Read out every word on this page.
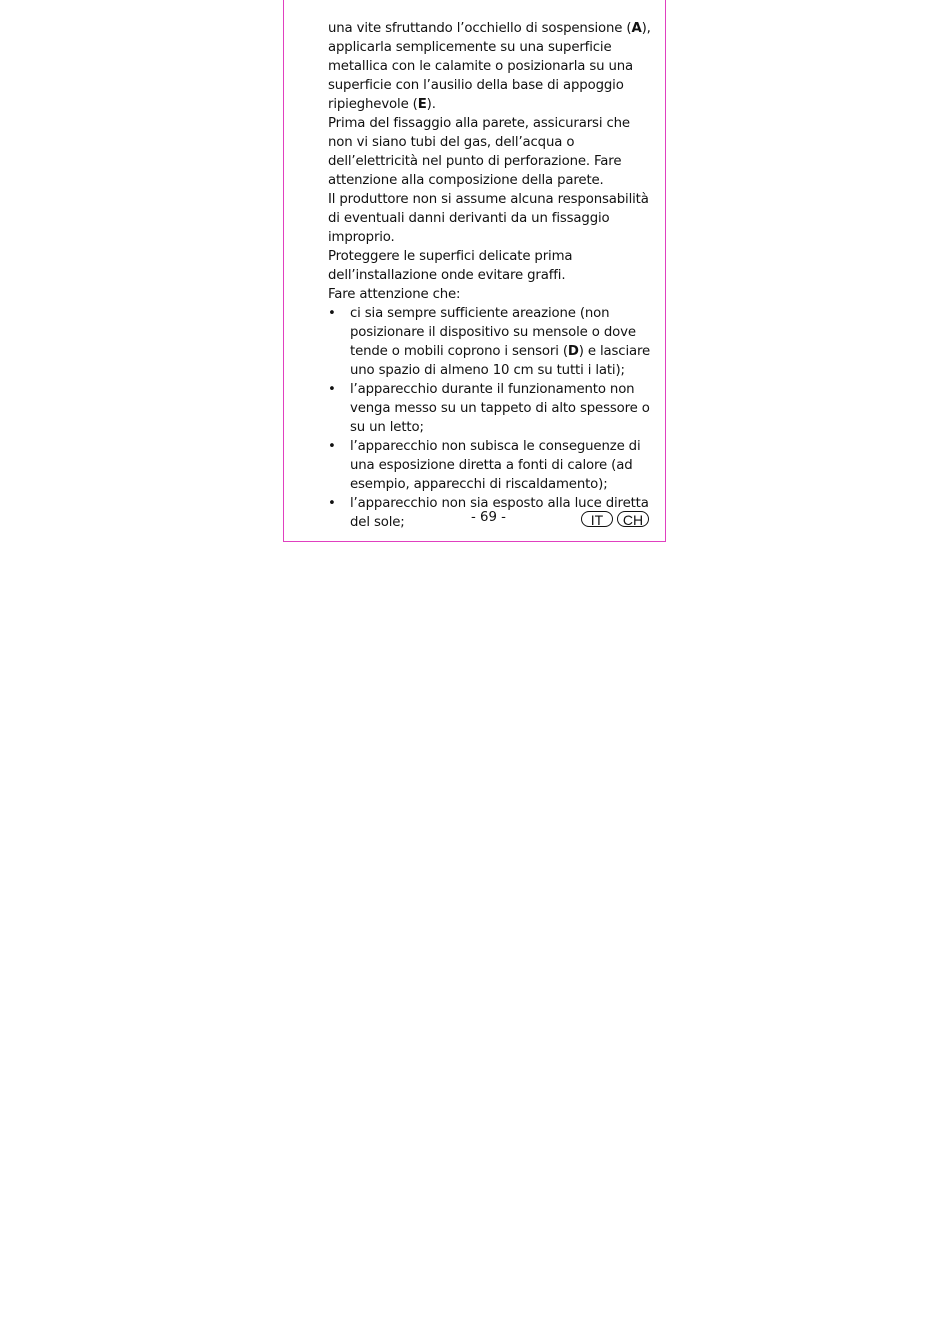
una vite sfruttando l’occhiello di sospensione (A), applicarla semplicemente su una superficie metallica con le calamite o posizionarla su una superficie con l’ausilio della base di appoggio ripieghevole (E).

Prima del fissaggio alla parete, assicurarsi che non vi siano tubi del gas, dell’acqua o dell’elettricità nel punto di perforazione. Fare attenzione alla composizione della parete.

Il produttore non si assume alcuna responsabilità di eventuali danni derivanti da un fissaggio improprio.

Proteggere le superfici delicate prima dell’installazione onde evitare graffi.

Fare attenzione che:

• ci sia sempre sufficiente areazione (non posizionare il dispositivo su mensole o dove tende o mobili coprono i sensori (D) e lasciare uno spazio di almeno 10 cm su tutti i lati);
• l’apparecchio durante il funzionamento non venga messo su un tappeto di alto spessore o su un letto;
• l’apparecchio non subisca le conseguenze di una esposizione diretta a fonti di calore (ad esempio, apparecchi di riscaldamento);
• l’apparecchio non sia esposto alla luce diretta del sole;	- 69 -	IT	CH
